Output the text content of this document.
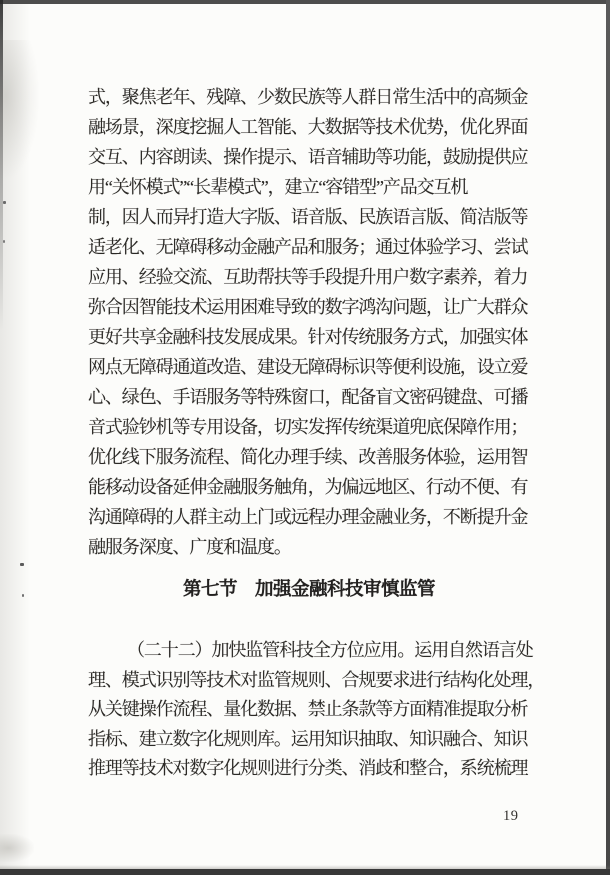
式，聚焦老年、残障、少数民族等人群日常生活中的高频金
融场景，深度挖掘人工智能、大数据等技术优势，优化界面
交互、内容朗读、操作提示、语音辅助等功能，鼓励提供应
用“关怀模式”“长辈模式”，建立“容错型”产品交互机
制，因人而异打造大字版、语音版、民族语言版、简洁版等
适老化、无障碍移动金融产品和服务；通过体验学习、尝试
应用、经验交流、互助帮扶等手段提升用户数字素养，着力
弥合因智能技术运用困难导致的数字鸿沟问题，让广大群众
更好共享金融科技发展成果。针对传统服务方式，加强实体
网点无障碍通道改造、建设无障碍标识等便利设施，设立爱
心、绿色、手语服务等特殊窗口，配备盲文密码键盘、可播
音式验钞机等专用设备，切实发挥传统渠道兜底保障作用；
优化线下服务流程、简化办理手续、改善服务体验，运用智
能移动设备延伸金融服务触角，为偏远地区、行动不便、有
沟通障碍的人群主动上门或远程办理金融业务，不断提升金
融服务深度、广度和温度。
第七节　加强金融科技审慎监管
（二十二）加快监管科技全方位应用。运用自然语言处
理、模式识别等技术对监管规则、合规要求进行结构化处理，
从关键操作流程、量化数据、禁止条款等方面精准提取分析
指标、建立数字化规则库。运用知识抽取、知识融合、知识
推理等技术对数字化规则进行分类、消歧和整合，系统梳理
19
